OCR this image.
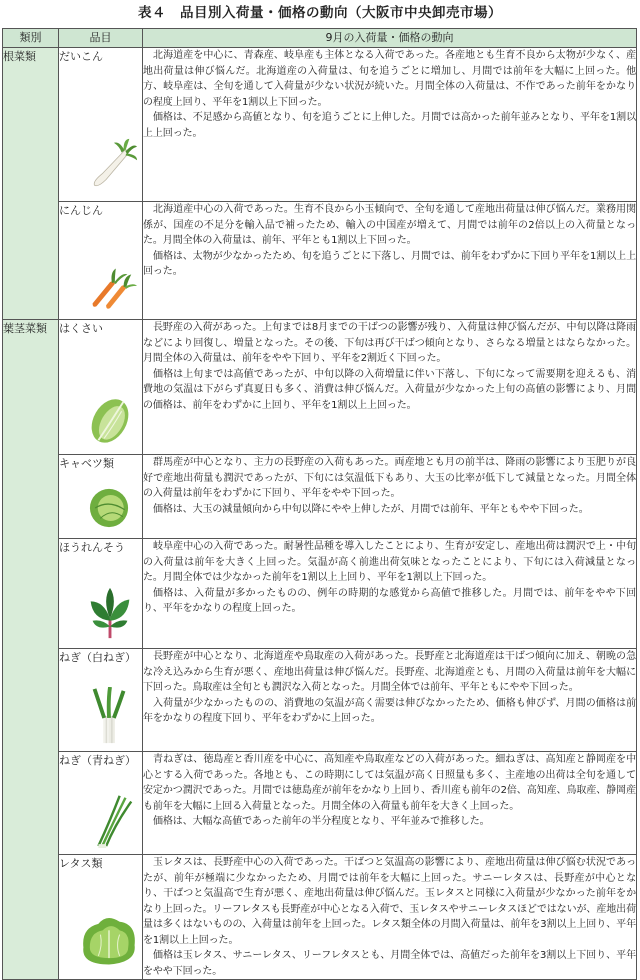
表４　品目別入荷量・価格の動向（大阪市中央卸売市場）
類別	品目	9月の入荷量・価格の動向
根菜類	だいこん	北海道産を中心に、青森産、岐阜産も主体となる入荷であった。各産地とも生育不良から太物が少なく、産地出荷量は伸び悩んだ。北海道産の入荷量は、旬を追うごとに増加し、月間では前年を大幅に上回った。他方、岐阜産は、全旬を通して入荷量が少ない状況が続いた。月間全体の入荷量は、不作であった前年をかなりの程度上回り、平年を1割以上下回った。

価格は、不足感から高値となり、旬を追うごとに上伸した。月間では高かった前年並みとなり、平年を1割以上上回った。

	にんじん	北海道産中心の入荷であった。生育不良から小玉傾向で、全旬を通して産地出荷量は伸び悩んだ。業務用関係が、国産の不足分を輸入品で補ったため、輸入の中国産が増えて、月間では前年の2倍以上の入荷量となった。月間全体の入荷量は、前年、平年とも1割以上下回った。

価格は、太物が少なかったため、旬を追うごとに下落し、月間では、前年をわずかに下回り平年を1割以上上回った。

葉茎菜類	はくさい	長野産の入荷があった。上旬までは8月までの干ばつの影響が残り、入荷量は伸び悩んだが、中旬以降は降雨などにより回復し、増量となった。その後、下旬は再び干ばつ傾向となり、さらなる増量とはならなかった。月間全体の入荷量は、前年をやや下回り、平年を2割近く下回った。

価格は上旬までは高値であったが、中旬以降の入荷増量に伴い下落し、下旬になって需要期を迎えるも、消費地の気温は下がらず真夏日も多く、消費は伸び悩んだ。入荷量が少なかった上旬の高値の影響により、月間の価格は、前年をわずかに上回り、平年を1割以上上回った。

	キャベツ類	群馬産が中心となり、主力の長野産の入荷もあった。両産地とも月の前半は、降雨の影響により玉肥りが良好で産地出荷量も潤沢であったが、下旬には気温低下もあり、大玉の比率が低下して減量となった。月間全体の入荷量は前年をわずかに下回り、平年をやや下回った。

価格は、大玉の減量傾向から中旬以降にやや上伸したが、月間では前年、平年ともやや下回った。

	ほうれんそう	岐阜産中心の入荷であった。耐暑性品種を導入したことにより、生育が安定し、産地出荷は潤沢で上・中旬の入荷量は前年を大きく上回った。気温が高く前進出荷気味となったことにより、下旬には入荷減量となった。月間全体では少なかった前年を1割以上上回り、平年を1割以上下回った。

価格は、入荷量が多かったものの、例年の時期的な感覚から高値で推移した。月間では、前年をやや下回り、平年をかなりの程度上回った。

	ねぎ（白ねぎ）	長野産が中心となり、北海道産や鳥取産の入荷があった。長野産と北海道産は干ばつ傾向に加え、朝晩の急な冷え込みから生育が悪く、産地出荷量は伸び悩んだ。長野産、北海道産とも、月間の入荷量は前年を大幅に下回った。鳥取産は全旬とも潤沢な入荷となった。月間全体では前年、平年ともにやや下回った。

入荷量が少なかったものの、消費地の気温が高く需要は伸びなかったため、価格も伸びず、月間の価格は前年をかなりの程度下回り、平年をわずかに上回った。

	ねぎ（青ねぎ）	青ねぎは、徳島産と香川産を中心に、高知産や鳥取産などの入荷があった。細ねぎは、高知産と静岡産を中心とする入荷であった。各地とも、この時期にしては気温が高く日照量も多く、主産地の出荷は全旬を通して安定かつ潤沢であった。月間では徳島産が前年をかなり上回り、香川産も前年の2倍、高知産、鳥取産、静岡産も前年を大幅に上回る入荷量となった。月間全体の入荷量も前年を大きく上回った。

価格は、大幅な高値であった前年の半分程度となり、平年並みで推移した。

	レタス類	玉レタスは、長野産中心の入荷であった。干ばつと気温高の影響により、産地出荷量は伸び悩む状況であったが、前年が極端に少なかったため、月間では前年を大幅に上回った。サニーレタスは、長野産が中心となり、干ばつと気温高で生育が悪く、産地出荷量は伸び悩んだ。玉レタスと同様に入荷量が少なかった前年をかなり上回った。リーフレタスも長野産が中心となる入荷で、玉レタスやサニーレタスほどではないが、産地出荷量は多くはないものの、入荷量は前年を上回った。レタス類全体の月間入荷量は、前年を3割以上上回り、平年を1割以上上回った。

価格は玉レタス、サニーレタス、リーフレタスとも、月間全体では、高値だった前年を3割以上下回り、平年をやや下回った。
